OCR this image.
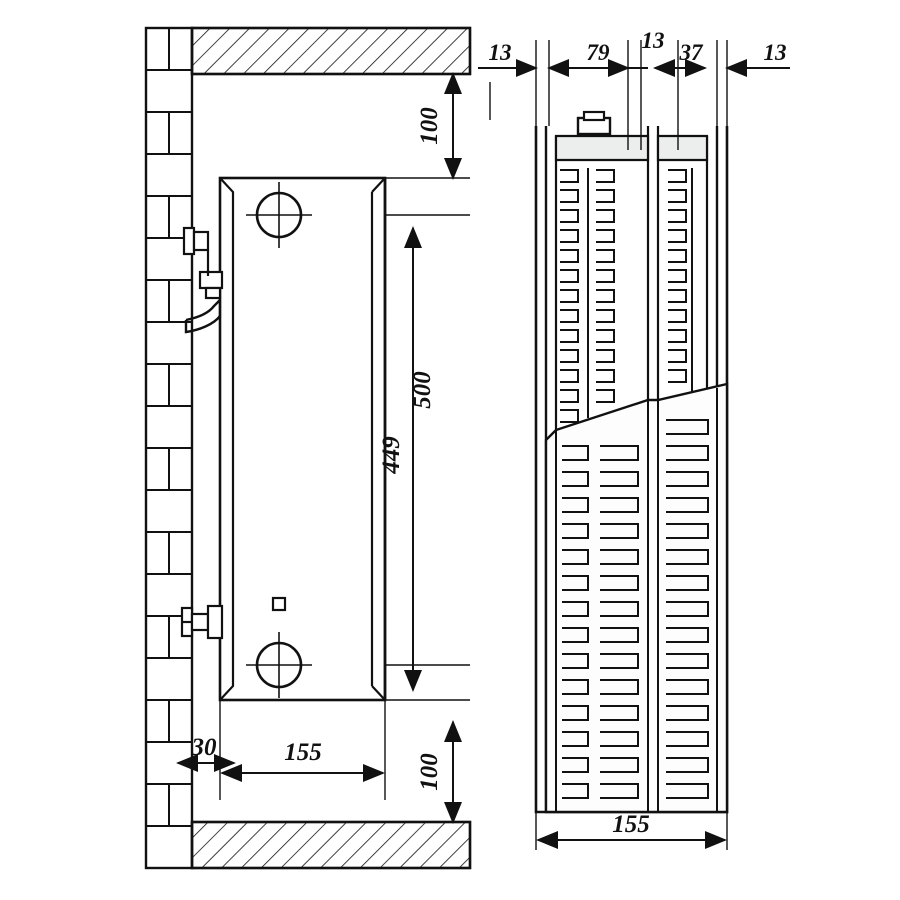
100
500
449
100
30	155
13	79 13 37	13
155
